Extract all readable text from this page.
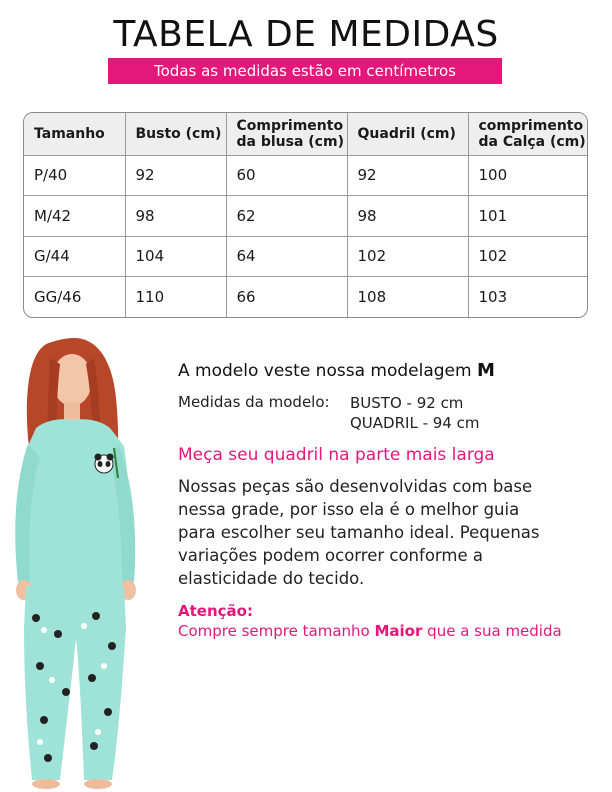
TABELA DE MEDIDAS
Todas as medidas estão em centímetros
Tamanho	Busto (cm)	Comprimento da blusa (cm)	Quadril (cm)	comprimento da Calça (cm)
P/40	92	60	92	100
M/42	98	62	98	101
G/44	104	64	102	102
GG/46	110	66	108	103
A modelo veste nossa modelagem M
Medidas da modelo:	BUSTO - 92 cm
QUADRIL - 94 cm
Meça seu quadril na parte mais larga
Nossas peças são desenvolvidas com base nessa grade, por isso ela é o melhor guia para escolher seu tamanho ideal. Pequenas variações podem ocorrer conforme a elasticidade do tecido.
Atenção:
Compre sempre tamanho Maior que a sua medida
